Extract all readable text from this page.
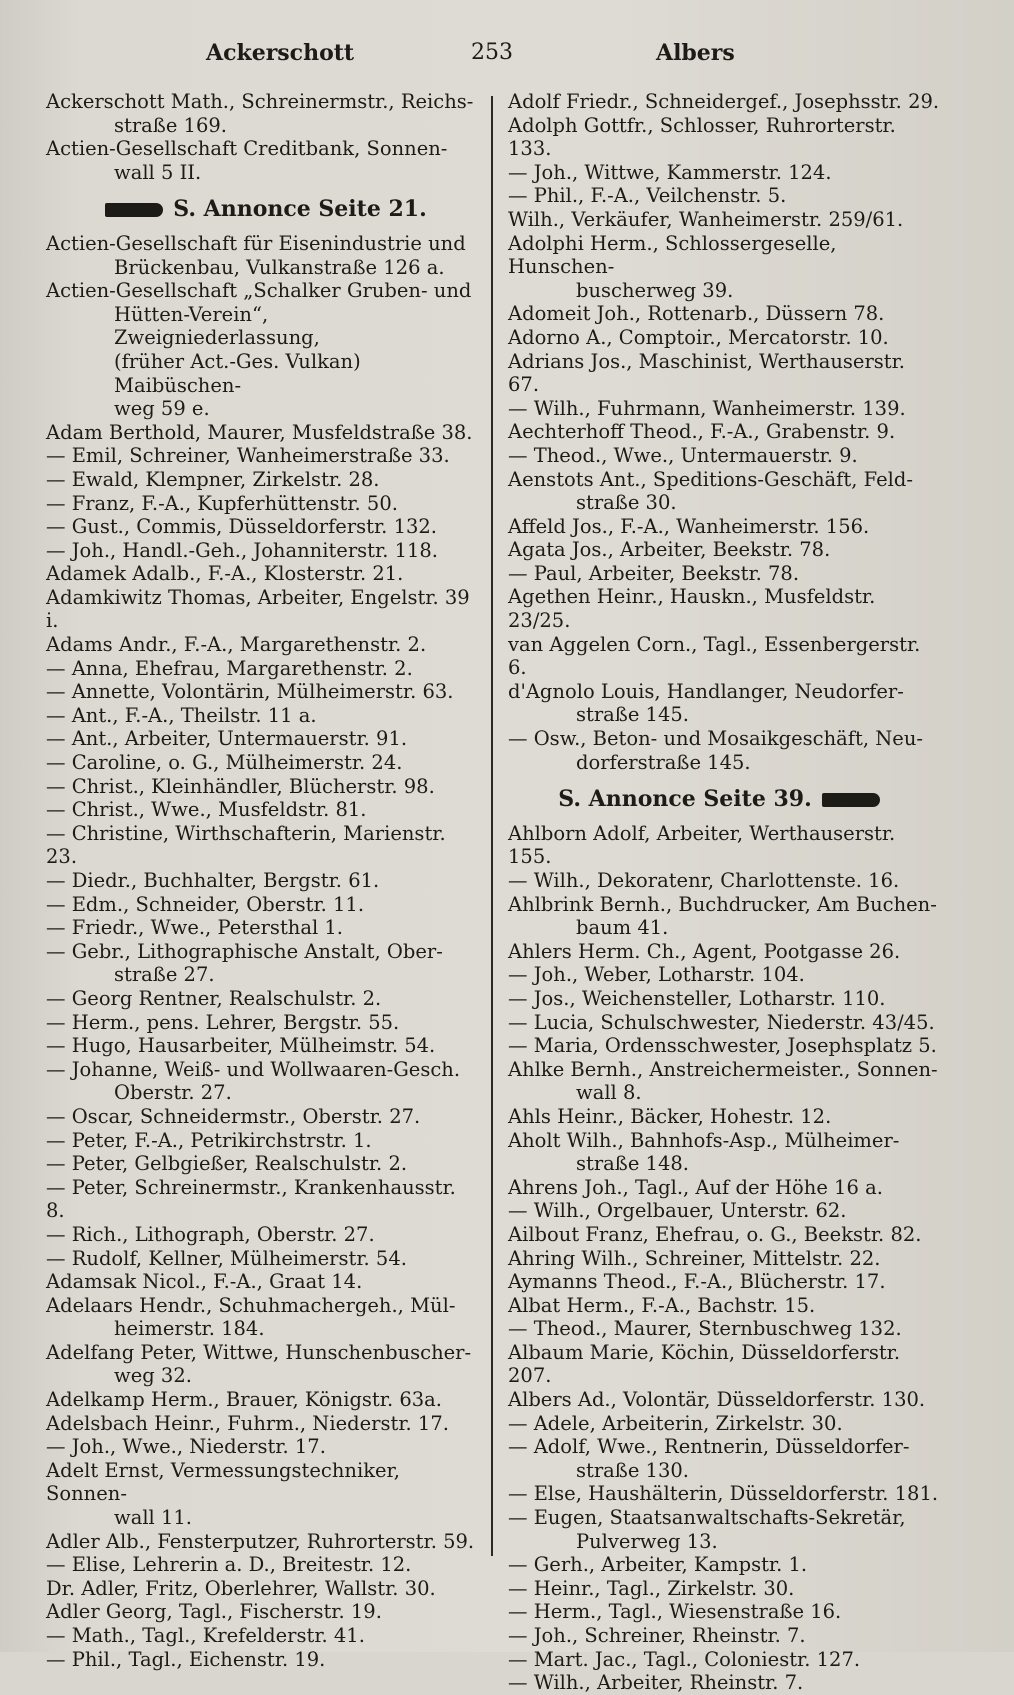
Ackerschott	253	Albers
Ackerschott Math., Schreinermstr., Reichs-
straße 169.
Actien-Gesellschaft Creditbank, Sonnen-
wall 5 II.
S. Annonce Seite 21.
Actien-Gesellschaft für Eisenindustrie und
Brückenbau, Vulkanstraße 126 a.
Actien-Gesellschaft „Schalker Gruben- und
Hütten-Verein“, Zweigniederlassung,
(früher Act.-Ges. Vulkan) Maibüschen-
weg 59 e.
Adam Berthold, Maurer, Musfeldstraße 38.
— Emil, Schreiner, Wanheimerstraße 33.
— Ewald, Klempner, Zirkelstr. 28.
— Franz, F.-A., Kupferhüttenstr. 50.
— Gust., Commis, Düsseldorferstr. 132.
— Joh., Handl.-Geh., Johanniterstr. 118.
Adamek Adalb., F.-A., Klosterstr. 21.
Adamkiwitz Thomas, Arbeiter, Engelstr. 39 i.
Adams Andr., F.-A., Margarethenstr. 2.
— Anna, Ehefrau, Margarethenstr. 2.
— Annette, Volontärin, Mülheimerstr. 63.
— Ant., F.-A., Theilstr. 11 a.
— Ant., Arbeiter, Untermauerstr. 91.
— Caroline, o. G., Mülheimerstr. 24.
— Christ., Kleinhändler, Blücherstr. 98.
— Christ., Wwe., Musfeldstr. 81.
— Christine, Wirthschafterin, Marienstr. 23.
— Diedr., Buchhalter, Bergstr. 61.
— Edm., Schneider, Oberstr. 11.
— Friedr., Wwe., Petersthal 1.
— Gebr., Lithographische Anstalt, Ober-
straße 27.
— Georg Rentner, Realschulstr. 2.
— Herm., pens. Lehrer, Bergstr. 55.
— Hugo, Hausarbeiter, Mülheimstr. 54.
— Johanne, Weiß- und Wollwaaren-Gesch.
Oberstr. 27.
— Oscar, Schneidermstr., Oberstr. 27.
— Peter, F.-A., Petrikirchstrstr. 1.
— Peter, Gelbgießer, Realschulstr. 2.
— Peter, Schreinermstr., Krankenhausstr. 8.
— Rich., Lithograph, Oberstr. 27.
— Rudolf, Kellner, Mülheimerstr. 54.
Adamsak Nicol., F.-A., Graat 14.
Adelaars Hendr., Schuhmachergeh., Mül-
heimerstr. 184.
Adelfang Peter, Wittwe, Hunschenbuscher-
weg 32.
Adelkamp Herm., Brauer, Königstr. 63a.
Adelsbach Heinr., Fuhrm., Niederstr. 17.
— Joh., Wwe., Niederstr. 17.
Adelt Ernst, Vermessungstechniker, Sonnen-
wall 11.
Adler Alb., Fensterputzer, Ruhrorterstr. 59.
— Elise, Lehrerin a. D., Breitestr. 12.
Dr. Adler, Fritz, Oberlehrer, Wallstr. 30.
Adler Georg, Tagl., Fischerstr. 19.
— Math., Tagl., Krefelderstr. 41.
— Phil., Tagl., Eichenstr. 19.
Adolf Friedr., Schneidergef., Josephsstr. 29.
Adolph Gottfr., Schlosser, Ruhrorterstr. 133.
— Joh., Wittwe, Kammerstr. 124.
— Phil., F.-A., Veilchenstr. 5.
Wilh., Verkäufer, Wanheimerstr. 259/61.
Adolphi Herm., Schlossergeselle, Hunschen-
buscherweg 39.
Adomeit Joh., Rottenarb., Düssern 78.
Adorno A., Comptoir., Mercatorstr. 10.
Adrians Jos., Maschinist, Werthauserstr. 67.
— Wilh., Fuhrmann, Wanheimerstr. 139.
Aechterhoff Theod., F.-A., Grabenstr. 9.
— Theod., Wwe., Untermauerstr. 9.
Aenstots Ant., Speditions-Geschäft, Feld-
straße 30.
Affeld Jos., F.-A., Wanheimerstr. 156.
Agata Jos., Arbeiter, Beekstr. 78.
— Paul, Arbeiter, Beekstr. 78.
Agethen Heinr., Hauskn., Musfeldstr. 23/25.
van Aggelen Corn., Tagl., Essenbergerstr. 6.
d'Agnolo Louis, Handlanger, Neudorfer-
straße 145.
— Osw., Beton- und Mosaikgeschäft, Neu-
dorferstraße 145.
S. Annonce Seite 39.
Ahlborn Adolf, Arbeiter, Werthauserstr. 155.
— Wilh., Dekoratenr, Charlottenste. 16.
Ahlbrink Bernh., Buchdrucker, Am Buchen-
baum 41.
Ahlers Herm. Ch., Agent, Pootgasse 26.
— Joh., Weber, Lotharstr. 104.
— Jos., Weichensteller, Lotharstr. 110.
— Lucia, Schulschwester, Niederstr. 43/45.
— Maria, Ordensschwester, Josephsplatz 5.
Ahlke Bernh., Anstreichermeister., Sonnen-
wall 8.
Ahls Heinr., Bäcker, Hohestr. 12.
Aholt Wilh., Bahnhofs-Asp., Mülheimer-
straße 148.
Ahrens Joh., Tagl., Auf der Höhe 16 a.
— Wilh., Orgelbauer, Unterstr. 62.
Ailbout Franz, Ehefrau, o. G., Beekstr. 82.
Ahring Wilh., Schreiner, Mittelstr. 22.
Aymanns Theod., F.-A., Blücherstr. 17.
Albat Herm., F.-A., Bachstr. 15.
— Theod., Maurer, Sternbuschweg 132.
Albaum Marie, Köchin, Düsseldorferstr. 207.
Albers Ad., Volontär, Düsseldorferstr. 130.
— Adele, Arbeiterin, Zirkelstr. 30.
— Adolf, Wwe., Rentnerin, Düsseldorfer-
straße 130.
— Else, Haushälterin, Düsseldorferstr. 181.
— Eugen, Staatsanwaltschafts-Sekretär,
Pulverweg 13.
— Gerh., Arbeiter, Kampstr. 1.
— Heinr., Tagl., Zirkelstr. 30.
— Herm., Tagl., Wiesenstraße 16.
— Joh., Schreiner, Rheinstr. 7.
— Mart. Jac., Tagl., Coloniestr. 127.
— Wilh., Arbeiter, Rheinstr. 7.
